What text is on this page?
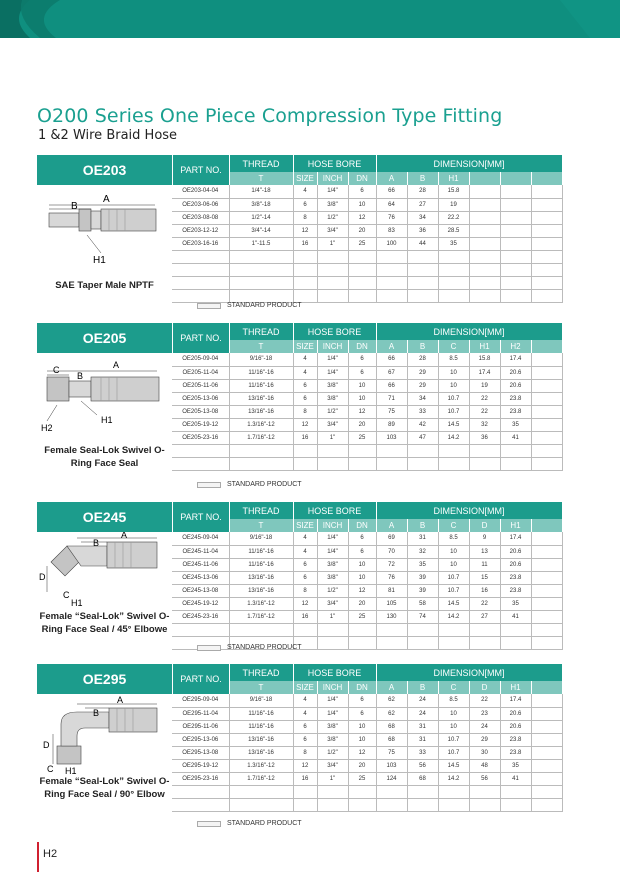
O200 Series One Piece Compression Type Fitting
1 &2 Wire Braid Hose
OE203	PART NO.
A
B
H1
SAE Taper Male NPTF
	THREAD	HOSE BORE			DIMENSION[MM]					
	T	SIZE	INCH	DN	A	B	H1			
OE203-04-04	1/4"-18	4	1/4"	6	66	28	15.8			
OE203-06-06	3/8"-18	6	3/8"	10	64	27	19			
OE203-08-08	1/2"-14	8	1/2"	12	76	34	22.2			
OE203-12-12	3/4"-14	12	3/4"	20	83	36	28.5			
OE203-16-16	1"-11.5	16	1"	25	100	44	35			

STANDARD PRODUCT
OE205	PART NO.
C
B
A
H2
H1
Female Seal-Lok Swivel O-Ring Face Seal
	THREAD	HOSE BORE			DIMENSION[MM]					
	T	SIZE	INCH	DN	A	B	C	H1	H2	
OE205-09-04	9/16"-18	4	1/4"	6	66	28	8.5	15.8	17.4	
OE205-11-04	11/16"-16	4	1/4"	6	67	29	10	17.4	20.6	
OE205-11-06	11/16"-16	6	3/8"	10	66	29	10	19	20.6	
OE205-13-06	13/16"-16	6	3/8"	10	71	34	10.7	22	23.8	
OE205-13-08	13/16"-16	8	1/2"	12	75	33	10.7	22	23.8	
OE205-19-12	1.3/16"-12	12	3/4"	20	89	42	14.5	32	35	
OE205-23-16	1.7/16"-12	16	1"	25	103	47	14.2	36	41	

STANDARD PRODUCT
OE245	PART NO.
A
B
D
C
H1
Female “Seal-Lok” Swivel O-Ring Face Seal / 45° Elbowe
	THREAD	HOSE BORE			DIMENSION[MM]					
	T	SIZE	INCH	DN	A	B	C	D	H1	
OE245-09-04	9/16"-18	4	1/4"	6	69	31	8.5	9	17.4	
OE245-11-04	11/16"-16	4	1/4"	6	70	32	10	13	20.6	
OE245-11-06	11/16"-16	6	3/8"	10	72	35	10	11	20.6	
OE245-13-06	13/16"-16	6	3/8"	10	76	39	10.7	15	23.8	
OE245-13-08	13/16"-16	8	1/2"	12	81	39	10.7	16	23.8	
OE245-19-12	1.3/16"-12	12	3/4"	20	105	58	14.5	22	35	
OE245-23-16	1.7/16"-12	16	1"	25	130	74	14.2	27	41	

STANDARD PRODUCT
OE295	PART NO.
A
B
D
C H1
Female “Seal-Lok” Swivel O-Ring Face Seal / 90° Elbow
	THREAD	HOSE BORE			DIMENSION[MM]					
	T	SIZE	INCH	DN	A	B	C	D	H1	
OE295-09-04	9/16"-18	4	1/4"	6	62	24	8.5	22	17.4	
OE295-11-04	11/16"-16	4	1/4"	6	62	24	10	23	20.6	
OE295-11-06	11/16"-16	6	3/8"	10	68	31	10	24	20.6	
OE295-13-06	13/16"-16	6	3/8"	10	68	31	10.7	29	23.8	
OE295-13-08	13/16"-16	8	1/2"	12	75	33	10.7	30	23.8	
OE295-19-12	1.3/16"-12	12	3/4"	20	103	56	14.5	48	35	
OE295-23-16	1.7/16"-12	16	1"	25	124	68	14.2	56	41	

STANDARD PRODUCT
H2
